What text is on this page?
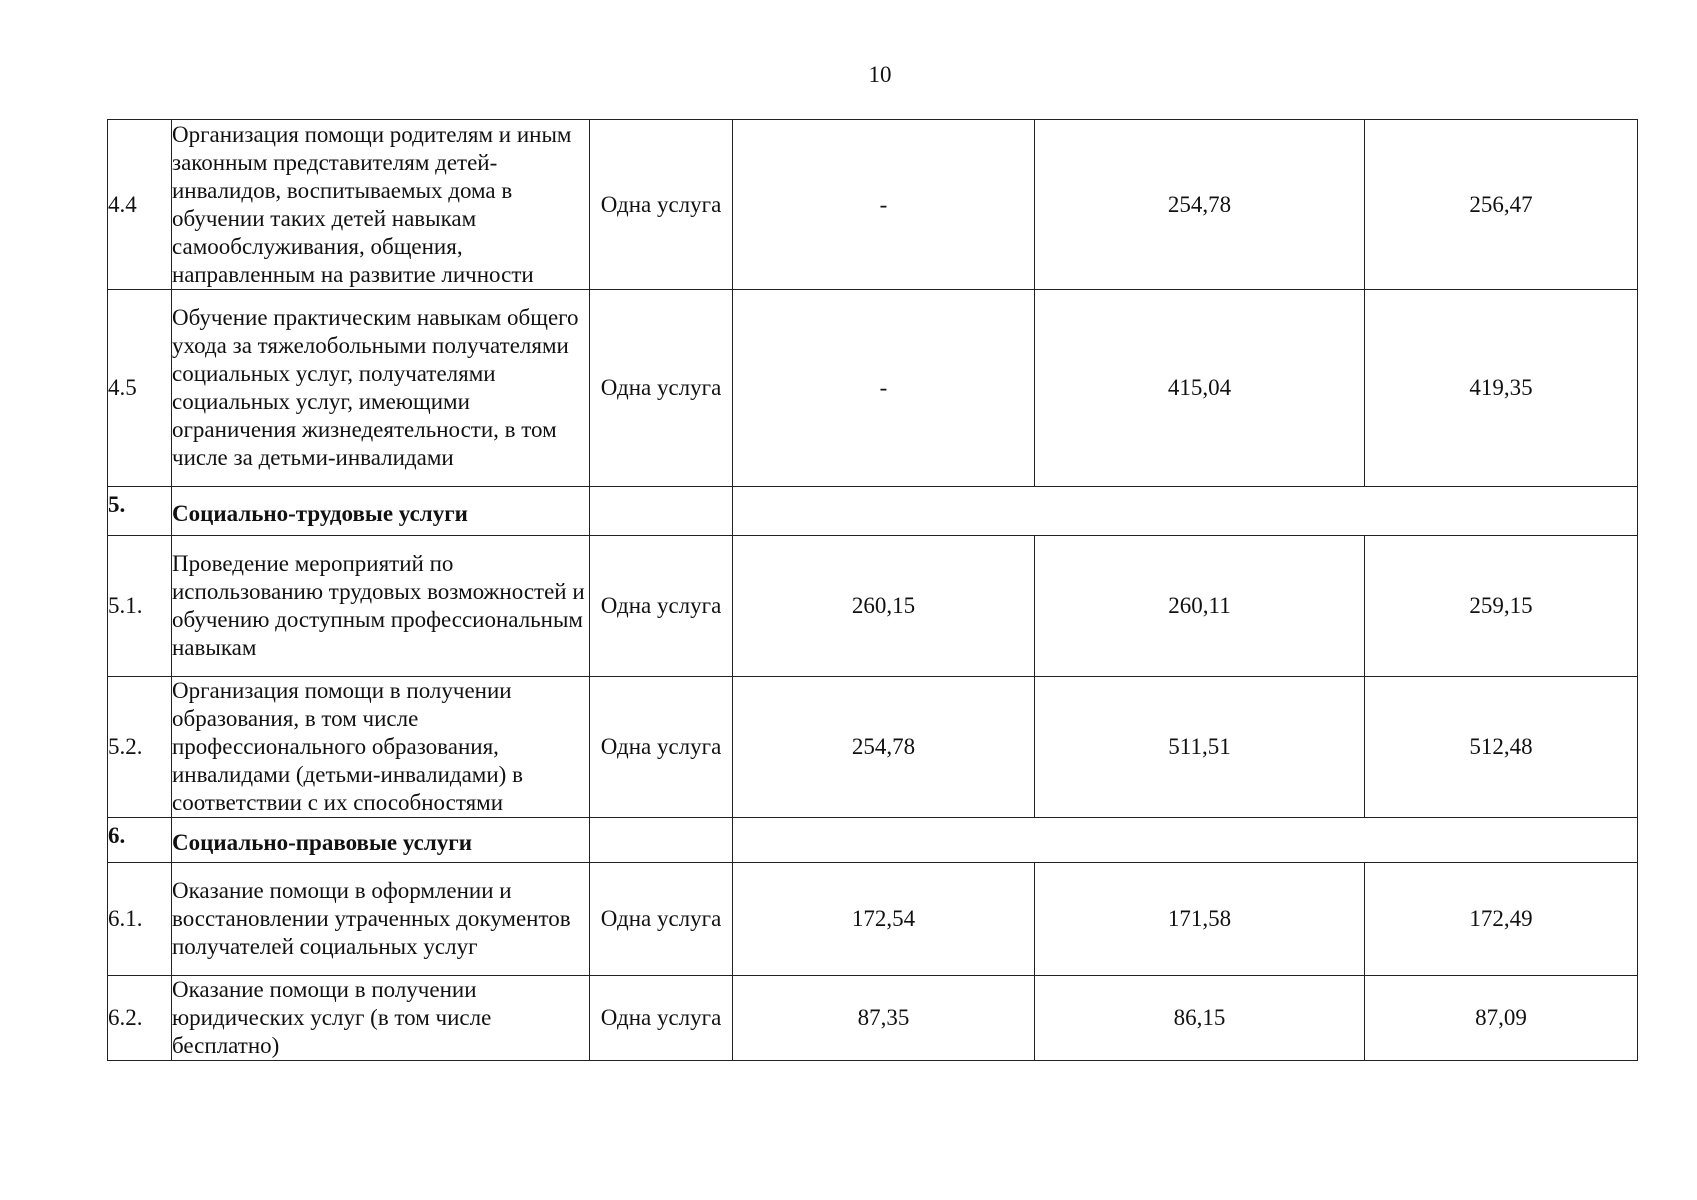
10
4.4	Организация помощи родителям и иным законным представителям детей-инвалидов, воспитываемых дома в обучении таких детей навыкам самообслуживания, общения, направленным на развитие личности	Одна услуга	-	254,78	256,47
4.5	Обучение практическим навыкам общего ухода за тяжелобольными получателями социальных услуг, получателями социальных услуг, имеющими ограничения жизнедеятельности, в том числе за детьми-инвалидами	Одна услуга	-	415,04	419,35
5.	Социально-трудовые услуги				
5.1.	Проведение мероприятий по использованию трудовых возможностей и обучению доступным профессиональным навыкам	Одна услуга	260,15	260,11	259,15
5.2.	Организация помощи в получении образования, в том числе профессионального образования, инвалидами (детьми-инвалидами) в соответствии с их способностями	Одна услуга	254,78	511,51	512,48
6.	Социально-правовые услуги				
6.1.	Оказание помощи в оформлении и восстановлении утраченных документов получателей социальных услуг	Одна услуга	172,54	171,58	172,49
6.2.	Оказание помощи в получении юридических услуг (в том числе бесплатно)	Одна услуга	87,35	86,15	87,09
